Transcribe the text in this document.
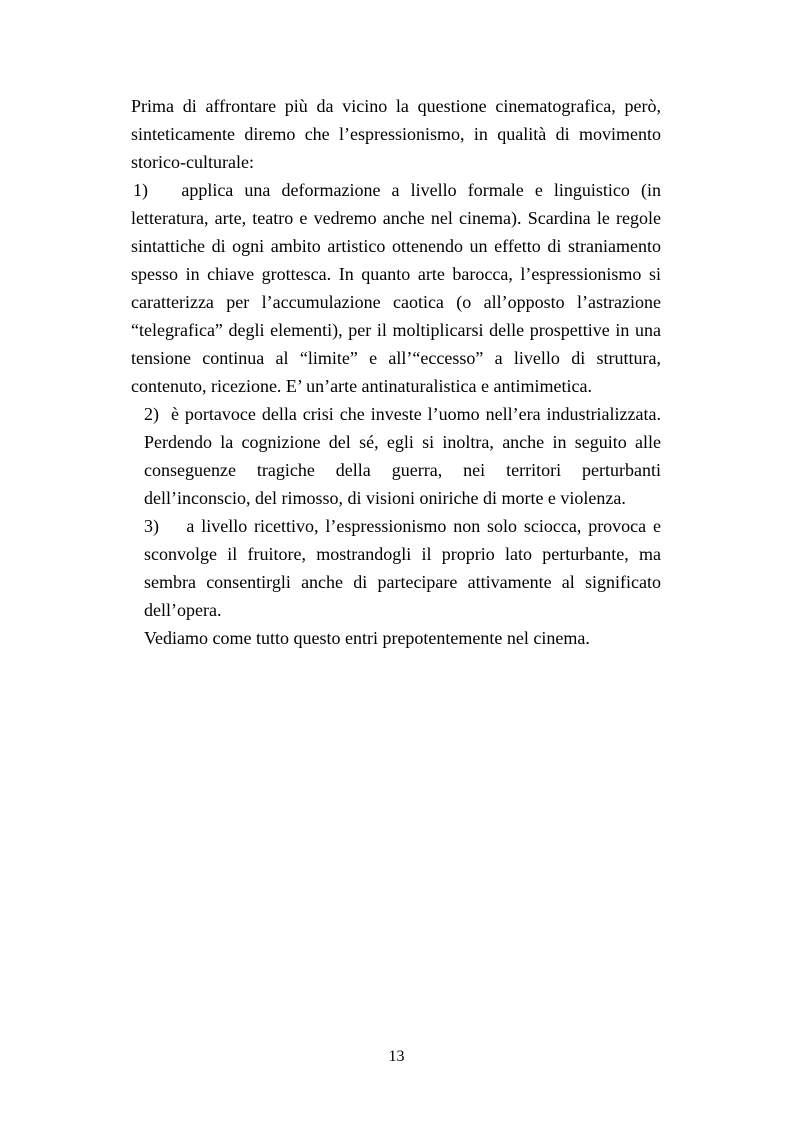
Prima di affrontare più da vicino la questione cinematografica, però, sinteticamente diremo che l’espressionismo, in qualità di movimento storico-culturale:

1) applica una deformazione a livello formale e linguistico (in letteratura, arte, teatro e vedremo anche nel cinema). Scardina le regole sintattiche di ogni ambito artistico ottenendo un effetto di straniamento spesso in chiave grottesca. In quanto arte barocca, l’espressionismo si caratterizza per l’accumulazione caotica (o all’opposto l’astrazione “telegrafica” degli elementi), per il moltiplicarsi delle prospettive in una tensione continua al “limite” e all’“eccesso” a livello di struttura, contenuto, ricezione. E’ un’arte antinaturalistica e antimimetica.

2) è portavoce della crisi che investe l’uomo nell’era industrializzata. Perdendo la cognizione del sé, egli si inoltra, anche in seguito alle conseguenze tragiche della guerra, nei territori perturbanti dell’inconscio, del rimosso, di visioni oniriche di morte e violenza.

3) a livello ricettivo, l’espressionismo non solo sciocca, provoca e sconvolge il fruitore, mostrandogli il proprio lato perturbante, ma sembra consentirgli anche di partecipare attivamente al significato dell’opera.

Vediamo come tutto questo entri prepotentemente nel cinema.

13
